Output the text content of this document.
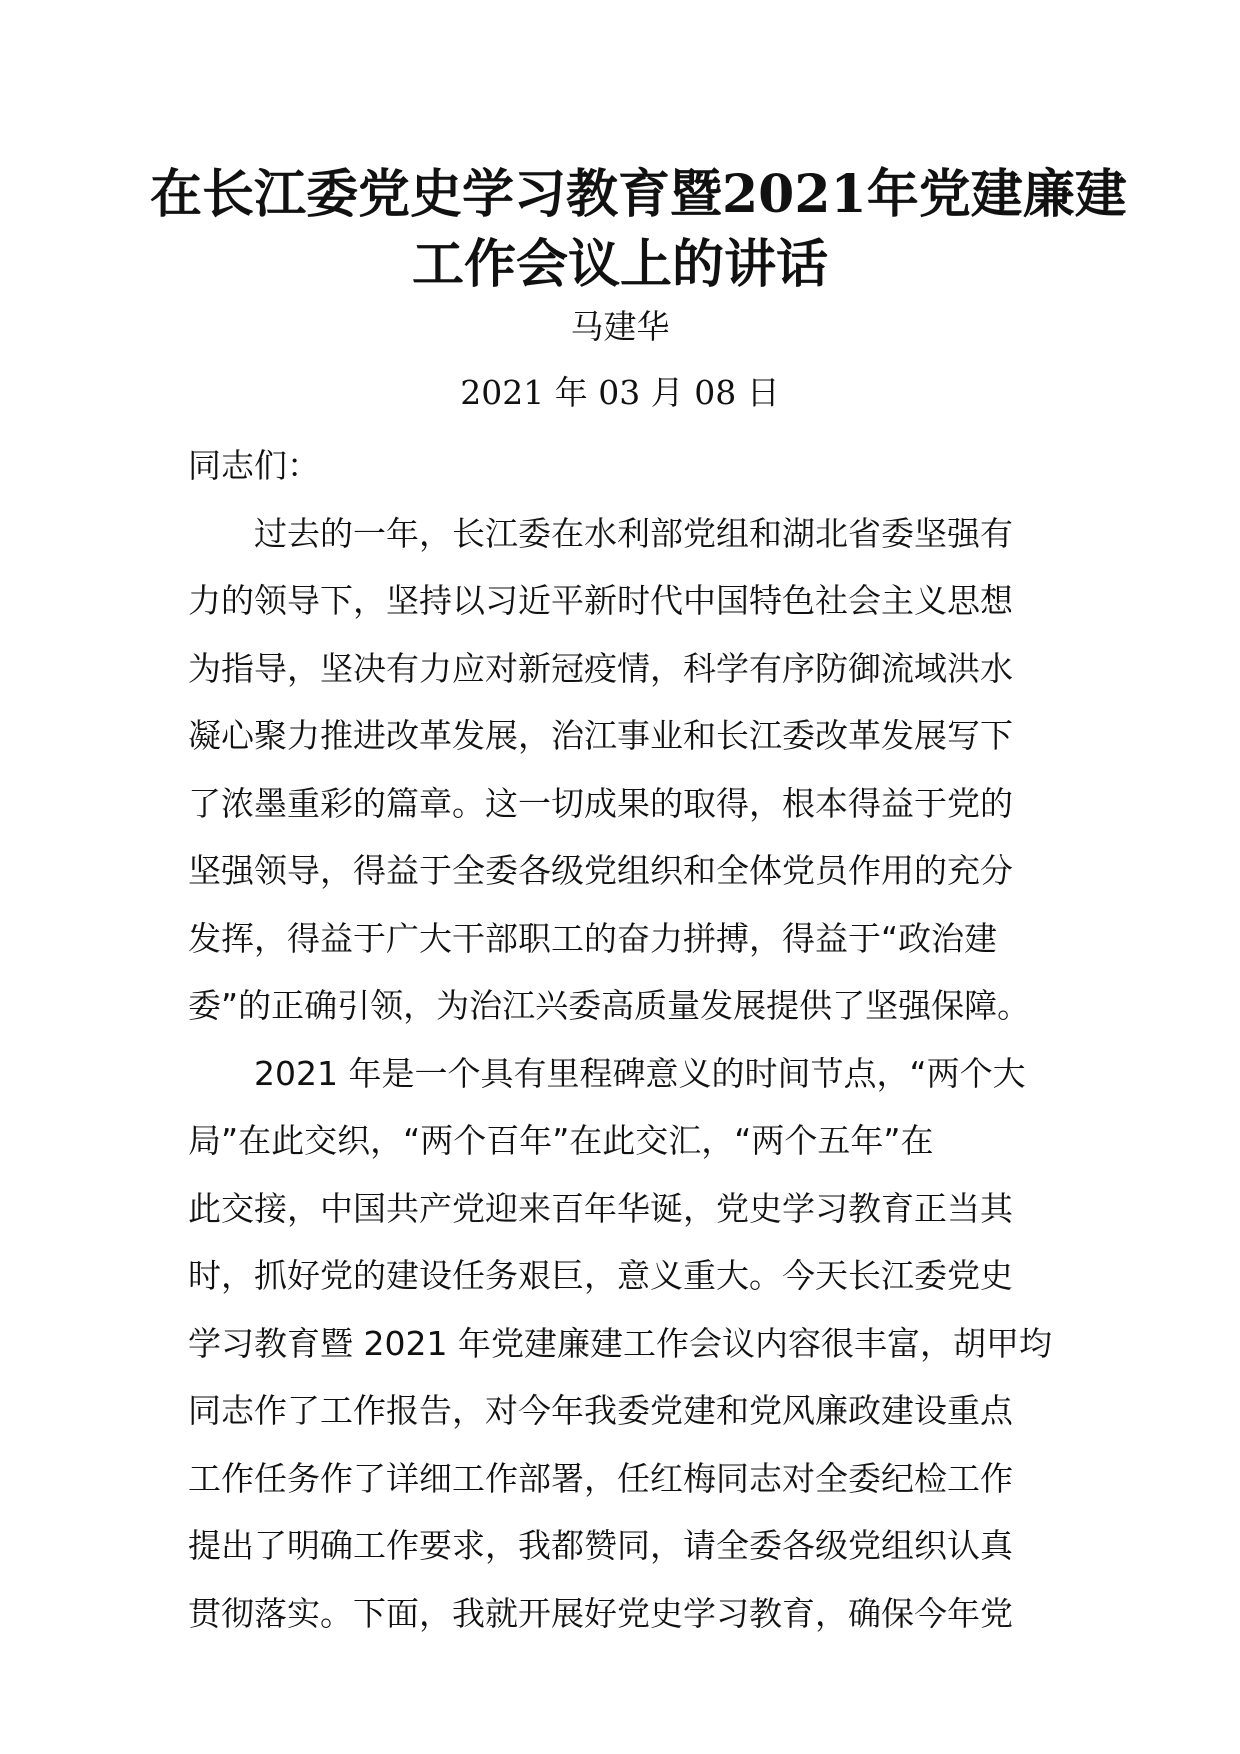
在长江委党史学习教育暨2021年党建廉建
工作会议上的讲话
马建华
2021 年 03 月 08 日
同志们：
　　过去的一年，长江委在水利部党组和湖北省委坚强有
力的领导下，坚持以习近平新时代中国特色社会主义思想
为指导，坚决有力应对新冠疫情，科学有序防御流域洪水
凝心聚力推进改革发展，治江事业和长江委改革发展写下
了浓墨重彩的篇章。这一切成果的取得，根本得益于党的
坚强领导，得益于全委各级党组织和全体党员作用的充分
发挥，得益于广大干部职工的奋力拼搏，得益于“政治建
委”的正确引领，为治江兴委高质量发展提供了坚强保障。
　　2021 年是一个具有里程碑意义的时间节点，“两个大
局”在此交织，“两个百年”在此交汇，“两个五年”在
此交接，中国共产党迎来百年华诞，党史学习教育正当其
时，抓好党的建设任务艰巨，意义重大。今天长江委党史
学习教育暨 2021 年党建廉建工作会议内容很丰富，胡甲均
同志作了工作报告，对今年我委党建和党风廉政建设重点
工作任务作了详细工作部署，任红梅同志对全委纪检工作
提出了明确工作要求，我都赞同，请全委各级党组织认真
贯彻落实。下面，我就开展好党史学习教育，确保今年党
